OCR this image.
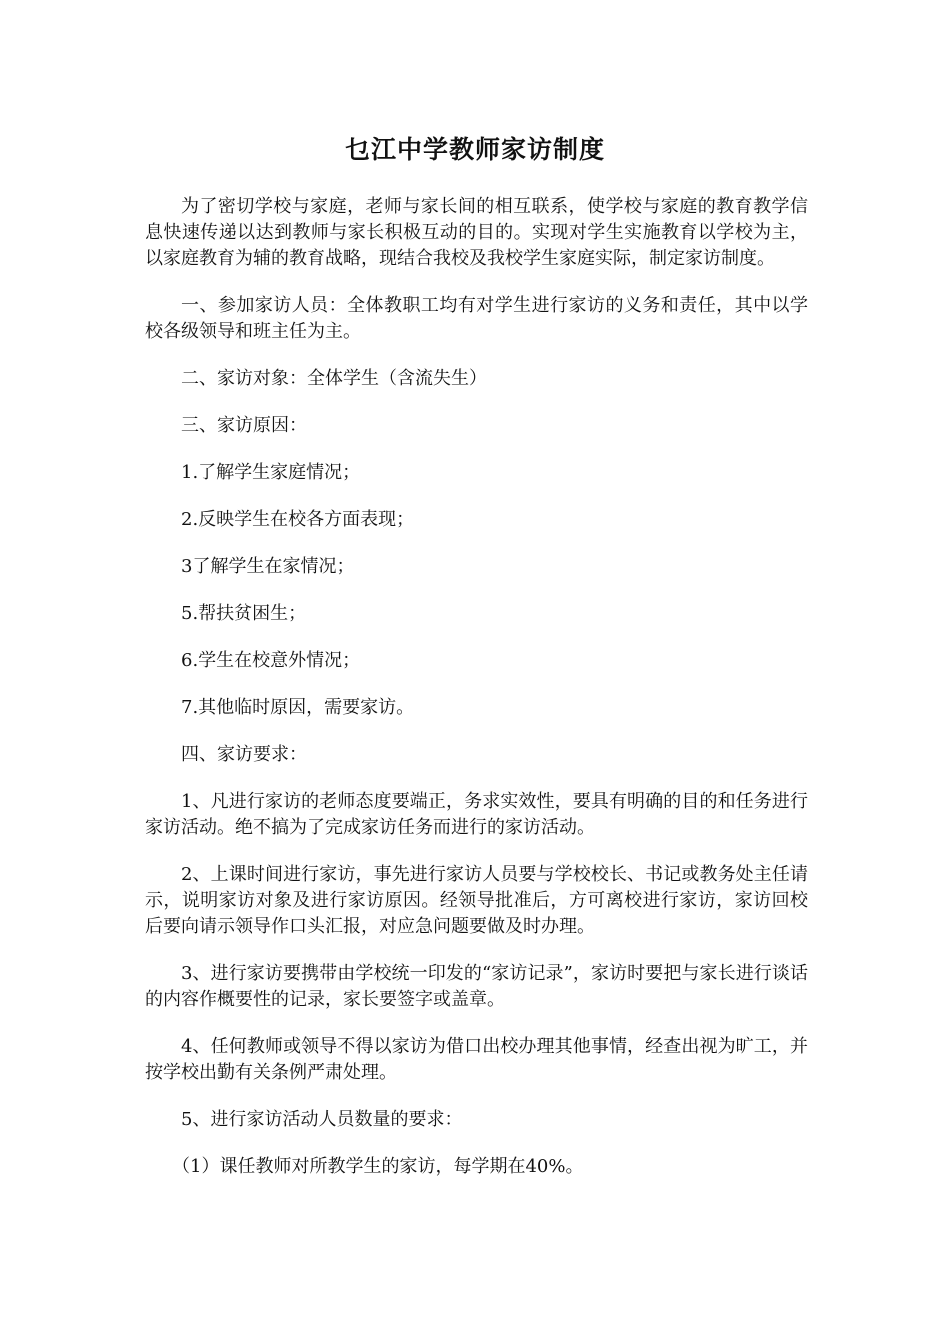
乜江中学教师家访制度

为了密切学校与家庭，老师与家长间的相互联系，使学校与家庭的教育教学信息快速传递以达到教师与家长积极互动的目的。实现对学生实施教育以学校为主，以家庭教育为辅的教育战略，现结合我校及我校学生家庭实际，制定家访制度。

一、参加家访人员：全体教职工均有对学生进行家访的义务和责任，其中以学校各级领导和班主任为主。

二、家访对象：全体学生（含流失生）

三、家访原因：

1.了解学生家庭情况；

2.反映学生在校各方面表现；

3了解学生在家情况；

5.帮扶贫困生；

6.学生在校意外情况；

7.其他临时原因，需要家访。

四、家访要求：

1、凡进行家访的老师态度要端正，务求实效性，要具有明确的目的和任务进行家访活动。绝不搞为了完成家访任务而进行的家访活动。

2、上课时间进行家访，事先进行家访人员要与学校校长、书记或教务处主任请示，说明家访对象及进行家访原因。经领导批准后，方可离校进行家访，家访回校后要向请示领导作口头汇报，对应急问题要做及时办理。

3、进行家访要携带由学校统一印发的“家访记录”，家访时要把与家长进行谈话的内容作概要性的记录，家长要签字或盖章。

4、任何教师或领导不得以家访为借口出校办理其他事情，经查出视为旷工，并按学校出勤有关条例严肃处理。

5、进行家访活动人员数量的要求：

（1）课任教师对所教学生的家访，每学期在40%。
